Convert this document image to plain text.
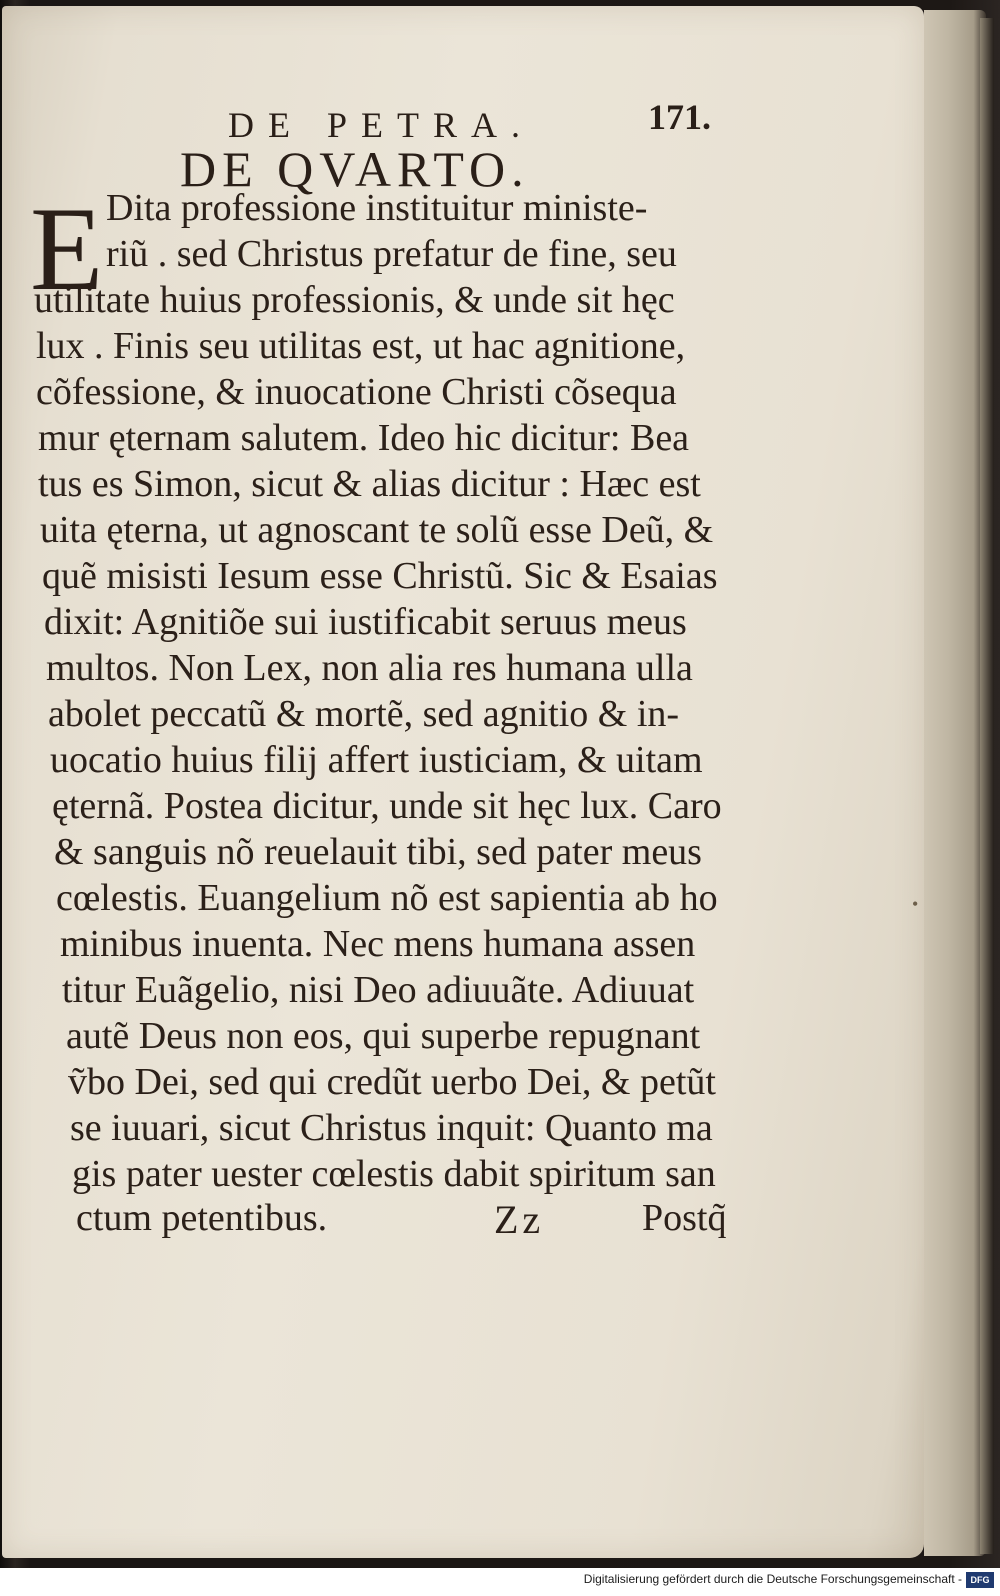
DE PETRA.	171.
DE QVARTO.
E Dita professione instituitur ministe-
riũ . sed Christus prefatur de fine, seu
utilitate huius professionis, & unde sit hęc
lux . Finis seu utilitas est, ut hac agnitione,
cõfessione, & inuocatione Christi cõsequa
mur ęternam salutem. Ideo hic dicitur: Bea
tus es Simon, sicut & alias dicitur : Hæc est
uita ęterna, ut agnoscant te solũ esse Deũ, &
quẽ misisti Iesum esse Christũ. Sic & Esaias
dixit: Agnitiõe sui iustificabit seruus meus
multos. Non Lex, non alia res humana ulla
abolet peccatũ & mortẽ, sed agnitio & in-
uocatio huius filij affert iusticiam, & uitam
ęternã. Postea dicitur, unde sit hęc lux. Caro
& sanguis nõ reuelauit tibi, sed pater meus
cœlestis. Euangelium nõ est sapientia ab ho
minibus inuenta. Nec mens humana assen
titur Euãgelio, nisi Deo adiuuãte. Adiuuat
autẽ Deus non eos, qui superbe repugnant
ṽbo Dei, sed qui credũt uerbo Dei, & petũt
se iuuari, sicut Christus inquit: Quanto ma
gis pater uester cœlestis dabit spiritum san
ctum petentibus.	Zz	Postq̃
•
Digitalisierung gefördert durch die Deutsche Forschungsgemeinschaft - DFG
